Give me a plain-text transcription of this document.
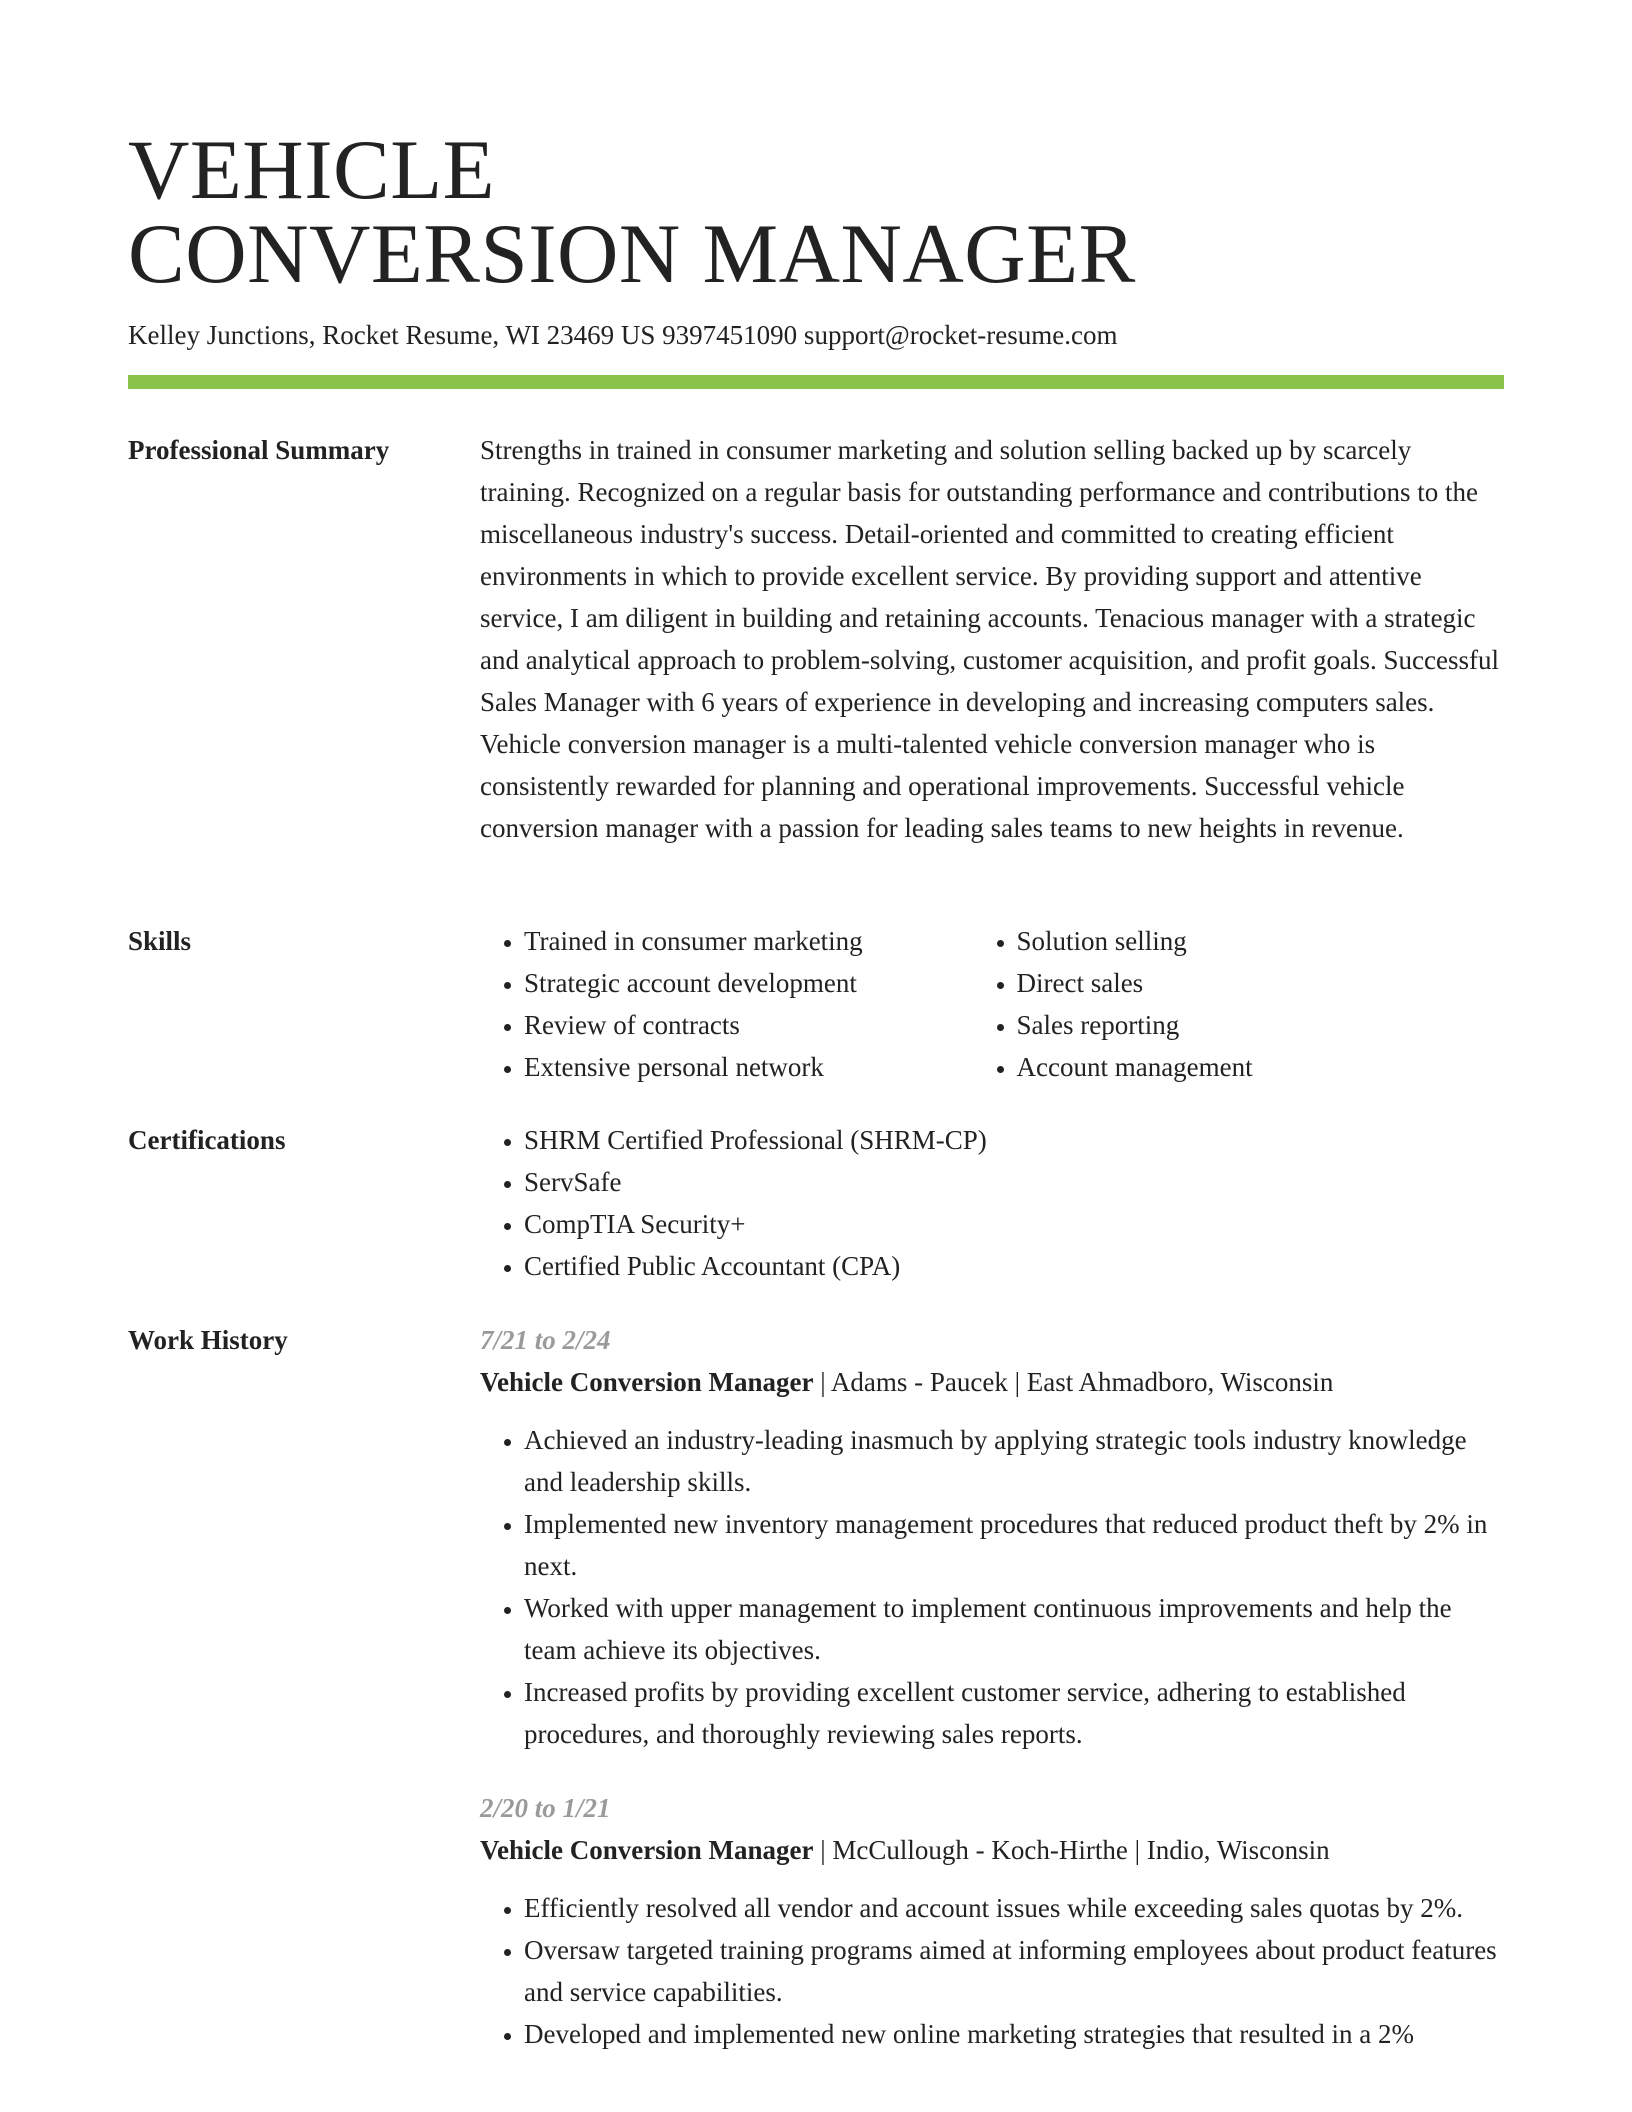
VEHICLE
CONVERSION MANAGER
Kelley Junctions, Rocket Resume, WI 23469 US 9397451090 support@rocket-resume.com
Professional Summary	Strengths in trained in consumer marketing and solution selling backed up by scarcely training. Recognized on a regular basis for outstanding performance and contributions to the miscellaneous industry's success. Detail-oriented and committed to creating efficient environments in which to provide excellent service. By providing support and attentive service, I am diligent in building and retaining accounts. Tenacious manager with a strategic and analytical approach to problem-solving, customer acquisition, and profit goals. Successful Sales Manager with 6 years of experience in developing and increasing computers sales. Vehicle conversion manager is a multi-talented vehicle conversion manager who is consistently rewarded for planning and operational improvements. Successful vehicle conversion manager with a passion for leading sales teams to new heights in revenue.
Skills	• Trained in consumer marketing
• Strategic account development
• Review of contracts
• Extensive personal network
• Solution selling
• Direct sales
• Sales reporting
• Account management
Certifications	• SHRM Certified Professional (SHRM-CP)
• ServSafe
• CompTIA Security+
• Certified Public Accountant (CPA)
Work History	7/21 to 2/24
Vehicle Conversion Manager | Adams - Paucek | East Ahmadboro, Wisconsin
• Achieved an industry-leading inasmuch by applying strategic tools industry knowledge and leadership skills.
• Implemented new inventory management procedures that reduced product theft by 2% in next.
• Worked with upper management to implement continuous improvements and help the team achieve its objectives.
• Increased profits by providing excellent customer service, adhering to established procedures, and thoroughly reviewing sales reports.
2/20 to 1/21
Vehicle Conversion Manager | McCullough - Koch-Hirthe | Indio, Wisconsin
• Efficiently resolved all vendor and account issues while exceeding sales quotas by 2%.
• Oversaw targeted training programs aimed at informing employees about product features and service capabilities.
• Developed and implemented new online marketing strategies that resulted in a 2%
